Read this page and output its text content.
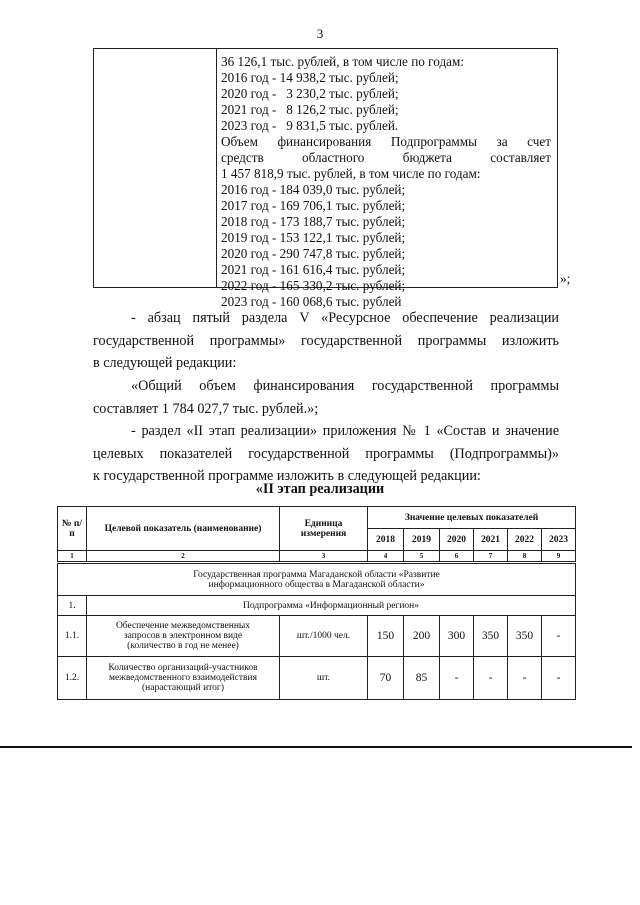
3
36 126,1 тыс. рублей, в том числе по годам:
2016 год - 14 938,2 тыс. рублей;
2020 год -   3 230,2 тыс. рублей;
2021 год -   8 126,2 тыс. рублей;
2023 год -   9 831,5 тыс. рублей.
Объем финансирования Подпрограммы за счет
средств областного бюджета составляет
1 457 818,9 тыс. рублей, в том числе по годам:
2016 год - 184 039,0 тыс. рублей;
2017 год - 169 706,1 тыс. рублей;
2018 год - 173 188,7 тыс. рублей;
2019 год - 153 122,1 тыс. рублей;
2020 год - 290 747,8 тыс. рублей;
2021 год - 161 616,4 тыс. рублей;
2022 год - 165 330,2 тыс. рублей;
2023 год - 160 068,6 тыс. рублей
»;
- абзац пятый раздела V «Ресурсное обеспечение реализации
государственной программы» государственной программы изложить
в следующей редакции:
«Общий объем финансирования государственной программы
составляет 1 784 027,7 тыс. рублей.»;
- раздел «II этап реализации» приложения № 1 «Состав и значение
целевых показателей государственной программы (Подпрограммы)»
к государственной программе изложить в следующей редакции:
«II этап реализации
№ п/п	Целевой показатель (наименование)	Единица измерения	Значение целевых показателей					
			2018	2019	2020	2021	2022	2023
1	2	3	4	5	6	7	8	9
Государственная программа Магаданской области «Развитие информационного общества в Магаданской области»								
1.	Подпрограмма «Информационный регион»							
1.1.	Обеспечение межведомственных запросов в электронном виде (количество в год не менее)	шт./1000 чел.	150	200	300	350	350	-
1.2.	Количество организаций-участников межведомственного взаимодействия (нарастающий итог)	шт.	70	85	-	-	-	-
